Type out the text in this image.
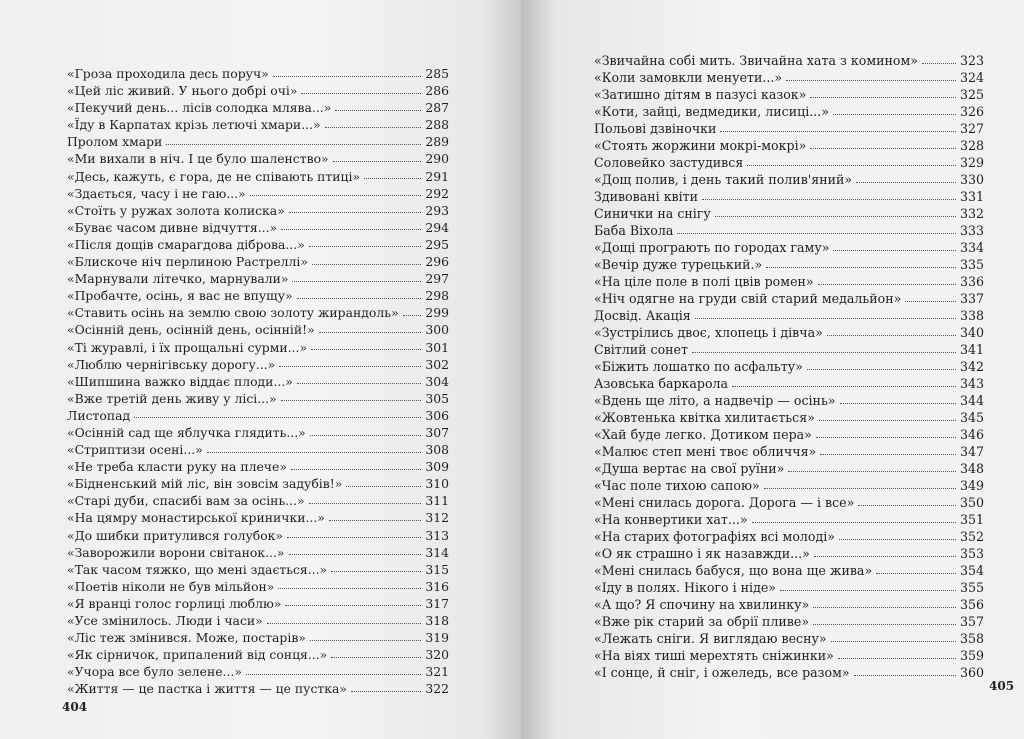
«Гроза проходила десь поруч»	285
«Цей ліс живий. У нього добрі очі»	286
«Пекучий день... лісів солодка млява...»	287
«Їду в Карпатах крізь летючі хмари...»	288
Пролом хмари	289
«Ми вихали в ніч. І це було шаленство»	290
«Десь, кажуть, є гора, де не співають птиці»	291
«Здається, часу і не гаю...»	292
«Стоїть у ружах золота колиска»	293
«Буває часом дивне відчуття...»	294
«Після дощів смарагдова діброва...»	295
«Блискоче ніч перлиною Растреллі»	296
«Марнували літечко, марнували»	297
«Пробачте, осінь, я вас не впущу»	298
«Ставить осінь на землю свою золоту жирандоль» 299
«Осінній день, осінній день, осінній!»	300
«Ті журавлі, і їх прощальні сурми...»	301
«Люблю чернігівську дорогу...»	302
«Шипшина важко віддає плоди...»	304
«Вже третій день живу у лісі...»	305
Листопад	306
«Осінній сад ще яблучка глядить...»	307
«Стриптизи осені...»	308
«Не треба класти руку на плече»	309
«Бідненський мій ліс, він зовсім задубів!»	310
«Старі дуби, спасибі вам за осінь...»	311
«На цямру монастирської кринички...»	312
«До шибки притулився голубок»	313
«Заворожили ворони світанок...»	314
«Так часом тяжко, що мені здається...»	315
«Поетів ніколи не був мільйон»	316
«Я вранці голос горлиці люблю»	317
«Усе змінилось. Люди і часи»	318
«Ліс теж змінився. Може, постарів»	319
«Як сірничок, припалений від сонця...»	320
«Учора все було зелене...»	321
«Життя — це пастка і життя — це пустка»	322
404
«Звичайна собі мить. Звичайна хата з комином»	323
«Коли замовкли менуети...»	324
«Затишно дітям в пазусі казок»	325
«Коти, зайці, ведмедики, лисиці...»	326
Польові дзвіночки	327
«Стоять жоржини мокрі-мокрі»	328
Соловейко застудився	329
«Дощ полив, і день такий полив'яний»	330
Здивовані квіти	331
Синички на снігу	332
Баба Віхола	333
«Дощі програють по городах гаму»	334
«Вечір дуже турецький.»	335
«На ціле поле в полі цвів ромен»	336
«Ніч одягне на груди свій старий медальйон»	337
Досвід. Акація	338
«Зустрілись двоє, хлопець і дівча»	340
Світлий сонет	341
«Біжить лошатко по асфальту»	342
Азовська баркарола	343
«Вдень ще літо, а надвечір — осінь»	344
«Жовтенька квітка хилитається»	345
«Хай буде легко. Дотиком пера»	346
«Малює степ мені твоє обличчя»	347
«Душа вертає на свої руїни»	348
«Час поле тихою сапою»	349
«Мені снилась дорога. Дорога — і все»	350
«На конвертики хат...»	351
«На старих фотографіях всі молоді»	352
«О як страшно і як назавжди...»	353
«Мені снилась бабуся, що вона ще жива»	354
«Іду в полях. Нікого і ніде»	355
«А що? Я спочину на хвилинку»	356
«Вже рік старий за обрії пливе»	357
«Лежать сніги. Я виглядаю весну»	358
«На віях тиші мерехтять сніжинки»	359
«І сонце, й сніг, і ожеледь, все разом»	360
405
